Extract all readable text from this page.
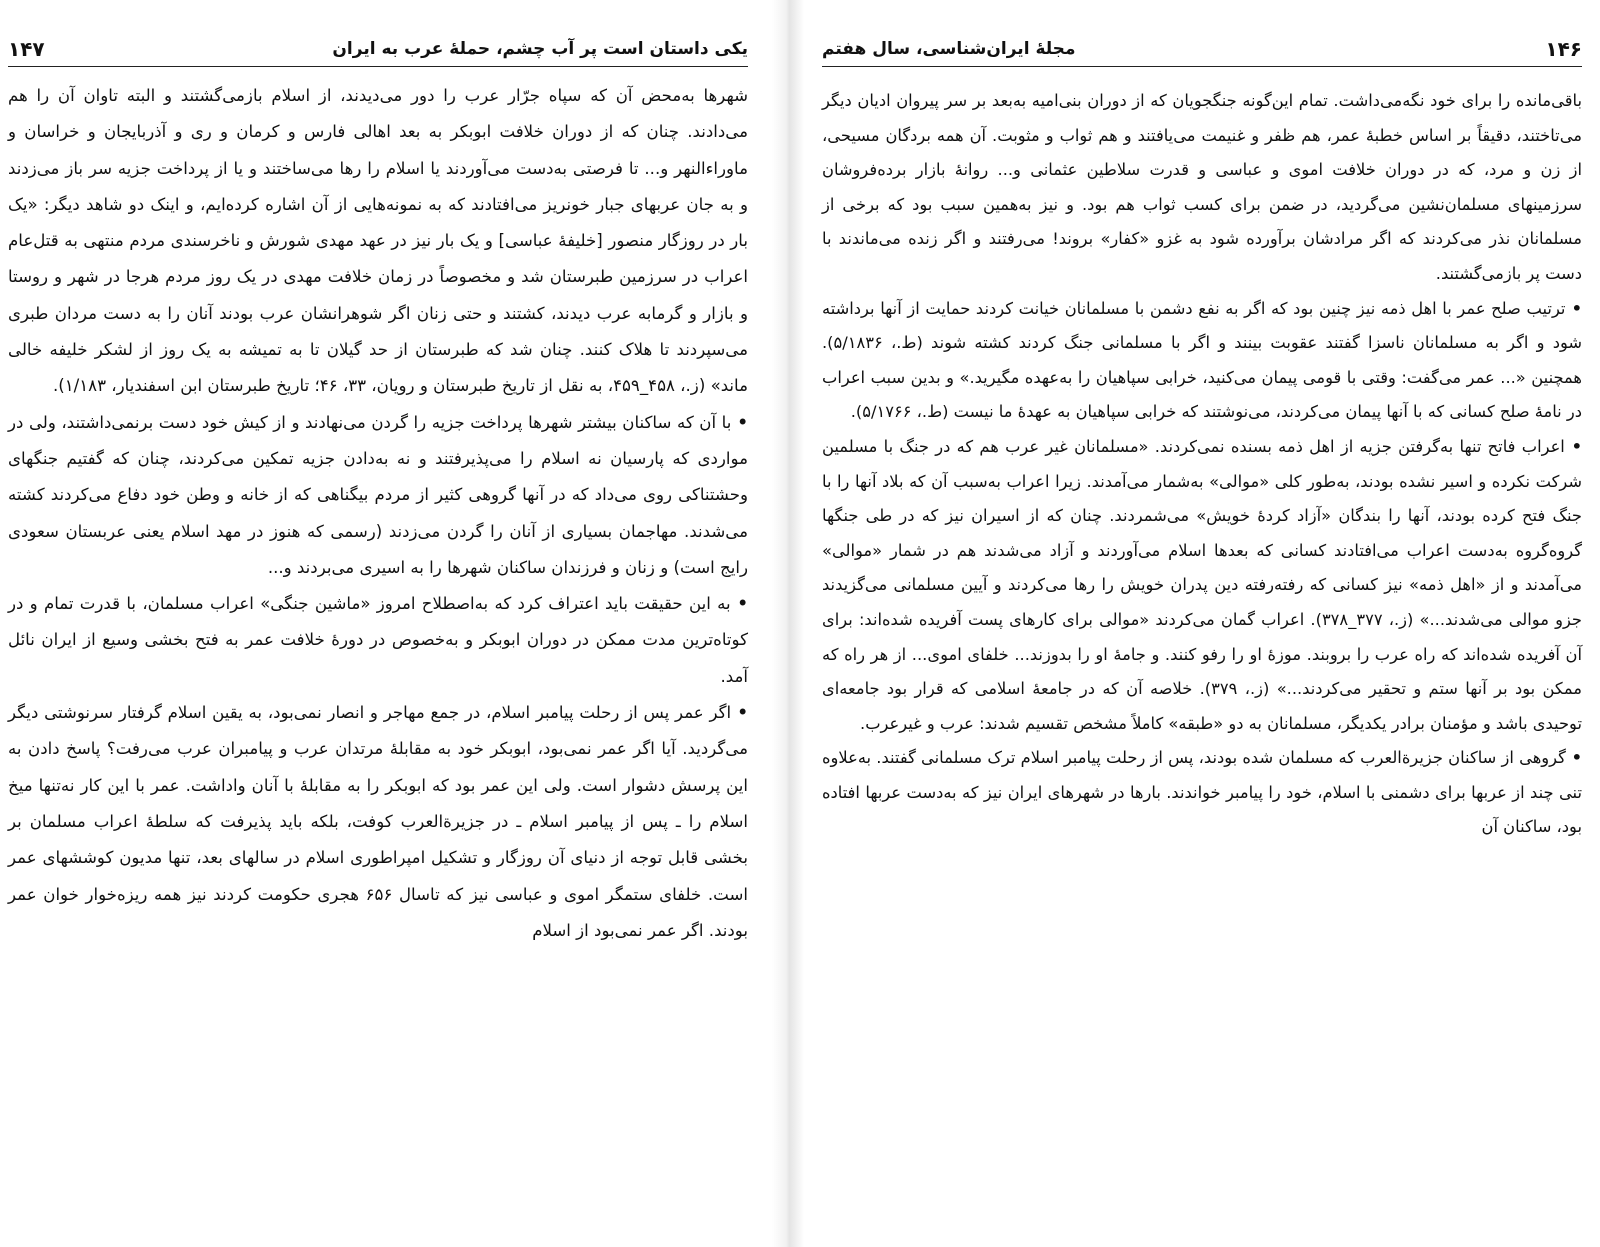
یکی داستان است پر آب چشم، حملهٔ عرب به ایران
۱۴۷

شهرها به‌محض آن که سپاه جرّار عرب را دور می‌دیدند، از اسلام بازمی‌گشتند و البته تاوان آن را هم می‌دادند. چنان که از دوران خلافت ابوبکر به بعد اهالی فارس و کرمان و ری و آذربایجان و خراسان و ماوراءالنهر و... تا فرصتی به‌دست می‌آوردند یا اسلام را رها می‌ساختند و یا از پرداخت جزیه سر باز می‌زدند و به جان عربهای جبار خونریز می‌افتادند که به نمونه‌هایی از آن اشاره کرده‌ایم، و اینک دو شاهد دیگر: «یک بار در روزگار منصور [خلیفهٔ عباسی] و یک بار نیز در عهد مهدی شورش و ناخرسندی مردم منتهی به قتل‌عام اعراب در سرزمین طبرستان شد و مخصوصاً در زمان خلافت مهدی در یک روز مردم هرجا در شهر و روستا و بازار و گرمابه عرب دیدند، کشتند و حتی زنان اگر شوهرانشان عرب بودند آنان را به دست مردان طبری می‌سپردند تا هلاک کنند. چنان شد که طبرستان از حد گیلان تا به تمیشه به یک روز از لشکر خلیفه خالی ماند» (ز.، ۴۵۸_۴۵۹، به نقل از تاریخ طبرستان و رویان، ۳۳، ۴۶؛ تاریخ طبرستان ابن اسفندیار، ۱/۱۸۳).

• با آن که ساکنان بیشتر شهرها پرداخت جزیه را گردن می‌نهادند و از کیش خود دست برنمی‌داشتند، ولی در مواردی که پارسیان نه اسلام را می‌پذیرفتند و نه به‌دادن جزیه تمکین می‌کردند، چنان که گفتیم جنگهای وحشتناکی روی می‌داد که در آنها گروهی کثیر از مردم بیگناهی که از خانه و وطن خود دفاع می‌کردند کشته می‌شدند. مهاجمان بسیاری از آنان را گردن می‌زدند (رسمی که هنوز در مهد اسلام یعنی عربستان سعودی رایج است) و زنان و فرزندان ساکنان شهرها را به اسیری می‌بردند و...

• به این حقیقت باید اعتراف کرد که به‌اصطلاح امروز «ماشین جنگی» اعراب مسلمان، با قدرت تمام و در کوتاه‌ترین مدت ممکن در دوران ابوبکر و به‌خصوص در دورهٔ خلافت عمر به فتح بخشی وسیع از ایران نائل آمد.

• اگر عمر پس از رحلت پیامبر اسلام، در جمع مهاجر و انصار نمی‌بود، به یقین اسلام گرفتار سرنوشتی دیگر می‌گردید. آیا اگر عمر نمی‌بود، ابوبکر خود به مقابلهٔ مرتدان عرب و پیامبران عرب می‌رفت؟ پاسخ دادن به این پرسش دشوار است. ولی این عمر بود که ابوبکر را به مقابلهٔ با آنان واداشت. عمر با این کار نه‌تنها میخ اسلام را ـ پس از پیامبر اسلام ـ در جزیرةالعرب کوفت، بلکه باید پذیرفت که سلطهٔ اعراب مسلمان بر بخشی قابل توجه از دنیای آن روزگار و تشکیل امپراطوری اسلام در سالهای بعد، تنها مدیون کوششهای عمر است. خلفای ستمگر اموی و عباسی نیز که تاسال ۶۵۶ هجری حکومت کردند نیز همه ریزه‌خوار خوان عمر بودند. اگر عمر نمی‌بود از اسلام

۱۴۶
مجلهٔ ایران‌شناسی، سال هفتم

باقی‌مانده را برای خود نگه‌می‌داشت. تمام این‌گونه جنگجویان که از دوران بنی‌امیه به‌بعد بر سر پیروان ادیان دیگر می‌تاختند، دقیقاً بر اساس خطبهٔ عمر، هم ظفر و غنیمت می‌یافتند و هم ثواب و مثوبت. آن همه بردگان مسیحی، از زن و مرد، که در دوران خلافت اموی و عباسی و قدرت سلاطین عثمانی و... روانهٔ بازار برده‌فروشان سرزمینهای مسلمان‌نشین می‌گردید، در ضمن برای کسب ثواب هم بود. و نیز به‌همین سبب بود که برخی از مسلمانان نذر می‌کردند که اگر مرادشان برآورده شود به غزو «کفار» بروند! می‌رفتند و اگر زنده می‌ماندند با دست پر بازمی‌گشتند.

• ترتیب صلح عمر با اهل ذمه نیز چنین بود که اگر به نفع دشمن با مسلمانان خیانت کردند حمایت از آنها برداشته شود و اگر به مسلمانان ناسزا گفتند عقوبت بینند و اگر با مسلمانی جنگ کردند کشته شوند (ط.، ۵/۱۸۳۶). همچنین «... عمر می‌گفت: وقتی با قومی پیمان می‌کنید، خرابی سپاهیان را به‌عهده مگیرید.» و بدین سبب اعراب در نامهٔ صلح کسانی که با آنها پیمان می‌کردند، می‌نوشتند که خرابی سپاهیان به عهدهٔ ما نیست (ط.، ۵/۱۷۶۶).

• اعراب فاتح تنها به‌گرفتن جزیه از اهل ذمه بسنده نمی‌کردند. «مسلمانان غیر عرب هم که در جنگ با مسلمین شرکت نکرده و اسیر نشده بودند، به‌طور کلی «موالی» به‌شمار می‌آمدند. زیرا اعراب به‌سبب آن که بلاد آنها را با جنگ فتح کرده بودند، آنها را بندگان «آزاد کردهٔ خویش» می‌شمردند. چنان که از اسیران نیز که در طی جنگها گروه‌گروه به‌دست اعراب می‌افتادند کسانی که بعدها اسلام می‌آوردند و آزاد می‌شدند هم در شمار «موالی» می‌آمدند و از «اهل ذمه» نیز کسانی که رفته‌رفته دین پدران خویش را رها می‌کردند و آیین مسلمانی می‌گزیدند جزو موالی می‌شدند...» (ز.، ۳۷۷_۳۷۸). اعراب گمان می‌کردند «موالی برای کارهای پست آفریده شده‌اند: برای آن آفریده شده‌اند که راه عرب را بروبند. موزهٔ او را رفو کنند. و جامهٔ او را بدوزند... خلفای اموی... از هر راه که ممکن بود بر آنها ستم و تحقیر می‌کردند...» (ز.، ۳۷۹). خلاصه آن که در جامعهٔ اسلامی که قرار بود جامعه‌ای توحیدی باشد و مؤمنان برادر یکدیگر، مسلمانان به دو «طبقه» کاملاً مشخص تقسیم شدند: عرب و غیرعرب.

• گروهی از ساکنان جزیرةالعرب که مسلمان شده بودند، پس از رحلت پیامبر اسلام ترک مسلمانی گفتند. به‌علاوه تنی چند از عربها برای دشمنی با اسلام، خود را پیامبر خواندند. بارها در شهرهای ایران نیز که به‌دست عربها افتاده بود، ساکنان آن
